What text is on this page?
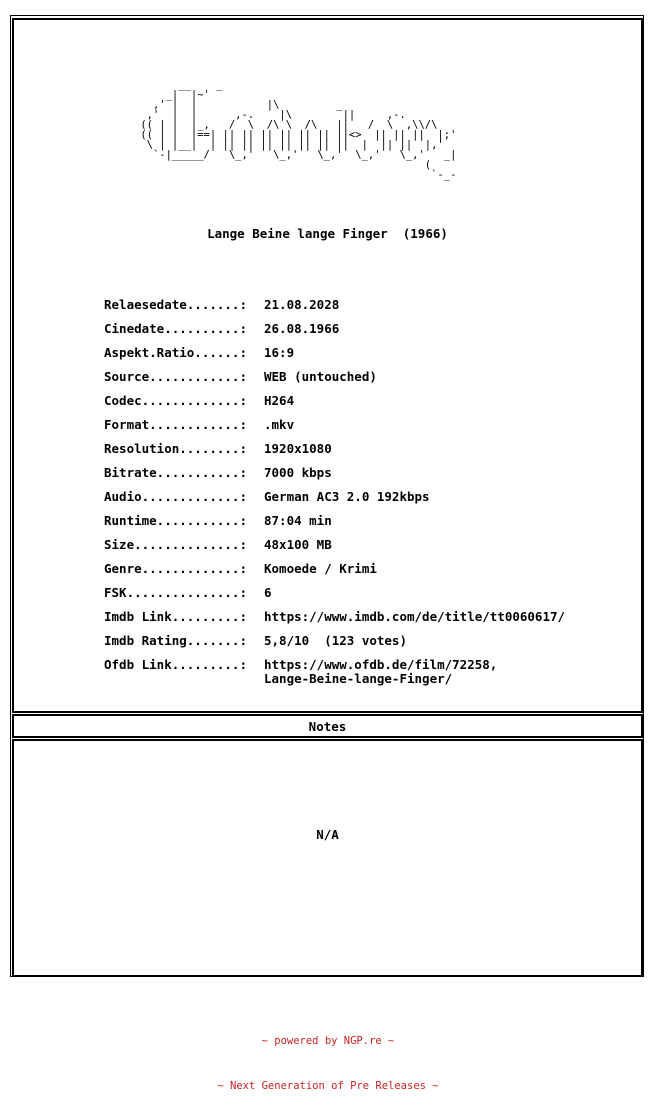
__    _
_|  |~'
,' |  |           |\         _
,'  |  |      ,-.    |\        ||     ,-.
(( | |  |_,   /  \  /\ \  /\   ||   /  \  ,\\/\
(( | |  |==| || || || || || || ||<>  || || ||  |;'
\ | |__|  | || || || || || || ||  |  || ||  |,'
`-|_____/   \_,'   \_,'   \_,'  \_,'   \_,'   _|
(
`-_-
Lange Beine lange Finger  (1966)
Relaesedate.......:	21.08.2028
Cinedate..........:	26.08.1966
Aspekt.Ratio......:	16:9
Source............:	WEB (untouched)
Codec.............:	H264
Format............:	.mkv
Resolution........:	1920x1080
Bitrate...........:	7000 kbps
Audio.............:	German AC3 2.0 192kbps
Runtime...........:	87:04 min
Size..............:	48x100 MB
Genre.............:	Komoede / Krimi
FSK...............:	6
Imdb Link.........:	https://www.imdb.com/de/title/tt0060617/
Imdb Rating.......:	5,8/10  (123 votes)
Ofdb Link.........:	https://www.ofdb.de/film/72258,
Lange-Beine-lange-Finger/
Notes
N/A

~ powered by NGP.re ~

~ Next Generation of Pre Releases ~
